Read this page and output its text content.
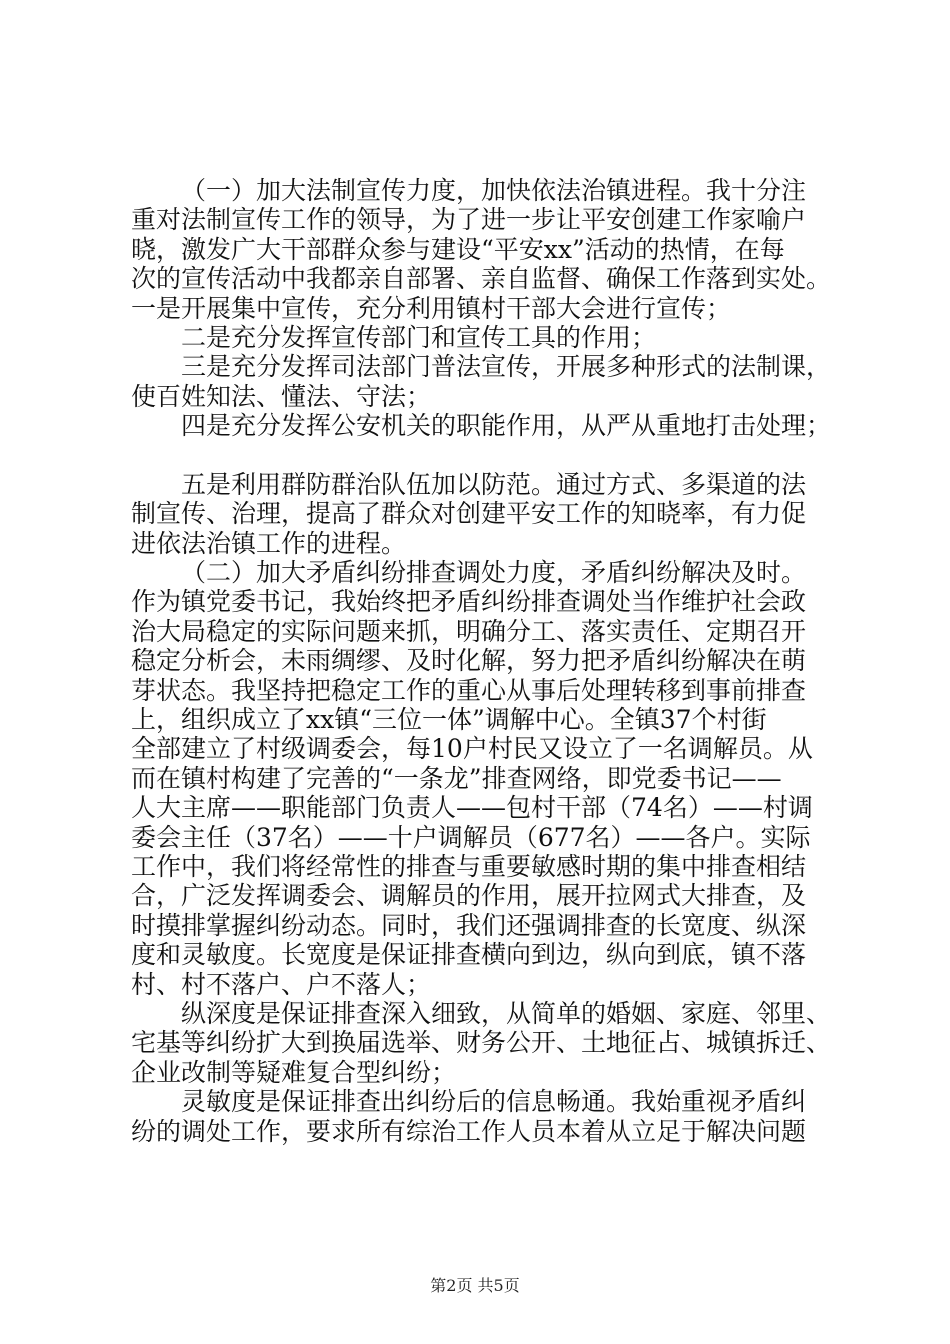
（一）加大法制宣传力度，加快依法治镇进程。我十分注
重对法制宣传工作的领导，为了进一步让平安创建工作家喻户
晓，激发广大干部群众参与建设“平安xx”活动的热情，在每
次的宣传活动中我都亲自部署、亲自监督、确保工作落到实处。
一是开展集中宣传，充分利用镇村干部大会进行宣传；
二是充分发挥宣传部门和宣传工具的作用；
三是充分发挥司法部门普法宣传，开展多种形式的法制课，
使百姓知法、懂法、守法；
四是充分发挥公安机关的职能作用，从严从重地打击处理；
五是利用群防群治队伍加以防范。通过方式、多渠道的法
制宣传、治理，提高了群众对创建平安工作的知晓率，有力促
进依法治镇工作的进程。
（二）加大矛盾纠纷排查调处力度，矛盾纠纷解决及时。
作为镇党委书记，我始终把矛盾纠纷排查调处当作维护社会政
治大局稳定的实际问题来抓，明确分工、落实责任、定期召开
稳定分析会，未雨绸缪、及时化解，努力把矛盾纠纷解决在萌
芽状态。我坚持把稳定工作的重心从事后处理转移到事前排查
上，组织成立了xx镇“三位一体”调解中心。全镇37个村街
全部建立了村级调委会，每10户村民又设立了一名调解员。从
而在镇村构建了完善的“一条龙”排查网络，即党委书记——
人大主席——职能部门负责人——包村干部（74名）——村调
委会主任（37名）——十户调解员（677名）——各户。实际
工作中，我们将经常性的排查与重要敏感时期的集中排查相结
合，广泛发挥调委会、调解员的作用，展开拉网式大排查，及
时摸排掌握纠纷动态。同时，我们还强调排查的长宽度、纵深
度和灵敏度。长宽度是保证排查横向到边，纵向到底，镇不落
村、村不落户、户不落人；
纵深度是保证排查深入细致，从简单的婚姻、家庭、邻里、
宅基等纠纷扩大到换届选举、财务公开、土地征占、城镇拆迁、
企业改制等疑难复合型纠纷；
灵敏度是保证排查出纠纷后的信息畅通。我始重视矛盾纠
纷的调处工作，要求所有综治工作人员本着从立足于解决问题
第2页 共5页
